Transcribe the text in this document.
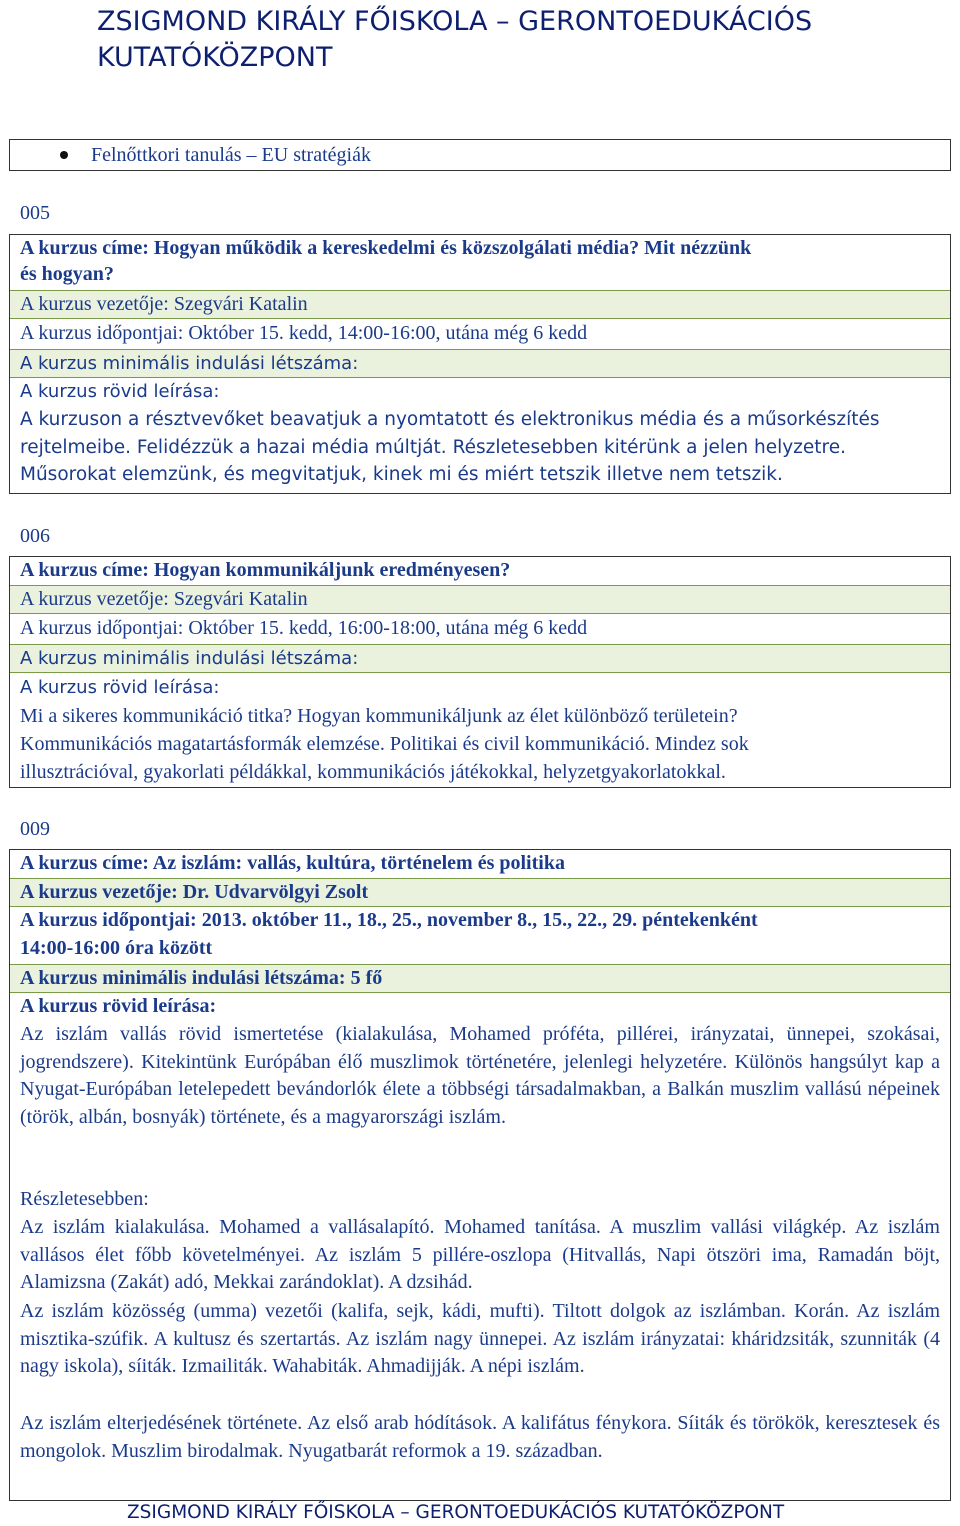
ZSIGMOND KIRÁLY FŐISKOLA – GERONTOEDUKÁCIÓS
KUTATÓKÖZPONT
Felnőttkori tanulás – EU stratégiák
005
A kurzus címe: Hogyan működik a kereskedelmi és közszolgálati média? Mit nézzünk
és hogyan?
A kurzus vezetője: Szegvári Katalin
A kurzus időpontjai: Október 15. kedd, 14:00-16:00, utána még 6 kedd
A kurzus minimális indulási létszáma:
A kurzus rövid leírása:
A kurzuson a résztvevőket beavatjuk a nyomtatott és elektronikus média és a műsorkészítés
rejtelmeibe. Felidézzük a hazai média múltját. Részletesebben kitérünk a jelen helyzetre.
Műsorokat elemzünk, és megvitatjuk, kinek mi és miért tetszik illetve nem tetszik.
006
A kurzus címe: Hogyan kommunikáljunk eredményesen?
A kurzus vezetője: Szegvári Katalin
A kurzus időpontjai: Október 15. kedd, 16:00-18:00, utána még 6 kedd
A kurzus minimális indulási létszáma:
A kurzus rövid leírása:
Mi a sikeres kommunikáció titka? Hogyan kommunikáljunk az élet különböző területein?
Kommunikációs magatartásformák elemzése. Politikai és civil kommunikáció. Mindez sok
illusztrációval, gyakorlati példákkal, kommunikációs játékokkal, helyzetgyakorlatokkal.
009
A kurzus címe: Az iszlám: vallás, kultúra, történelem és politika
A kurzus vezetője: Dr. Udvarvölgyi Zsolt
A kurzus időpontjai: 2013. október 11., 18., 25., november 8., 15., 22., 29. péntekenként
14:00-16:00 óra között
A kurzus minimális indulási létszáma: 5 fő
A kurzus rövid leírása:
Az iszlám vallás rövid ismertetése (kialakulása, Mohamed próféta, pillérei, irányzatai, ünnepei, szokásai, jogrendszere). Kitekintünk Európában élő muszlimok történetére, jelenlegi helyzetére. Különös hangsúlyt kap a Nyugat-Európában letelepedett bevándorlók élete a többségi társadalmakban, a Balkán muszlim vallású népeinek (török, albán, bosnyák) története, és a magyarországi iszlám.
Részletesebben:
Az iszlám kialakulása. Mohamed a vallásalapító. Mohamed tanítása. A muszlim vallási világkép. Az iszlám vallásos élet főbb követelményei. Az iszlám 5 pillére-oszlopa (Hitvallás, Napi ötszöri ima, Ramadán böjt, Alamizsna (Zakát) adó, Mekkai zarándoklat). A dzsihád.
Az iszlám közösség (umma) vezetői (kalifa, sejk, kádi, mufti). Tiltott dolgok az iszlámban. Korán. Az iszlám misztika-szúfik. A kultusz és szertartás. Az iszlám nagy ünnepei. Az iszlám irányzatai: kháridzsiták, szunniták (4 nagy iskola), síiták. Izmailiták. Wahabiták. Ahmadijják. A népi iszlám.
Az iszlám elterjedésének története. Az első arab hódítások. A kalifátus fénykora. Síiták és törökök, keresztesek és mongolok. Muszlim birodalmak. Nyugatbarát reformok a 19. században.
ZSIGMOND KIRÁLY FŐISKOLA – GERONTOEDUKÁCIÓS KUTATÓKÖZPONT
